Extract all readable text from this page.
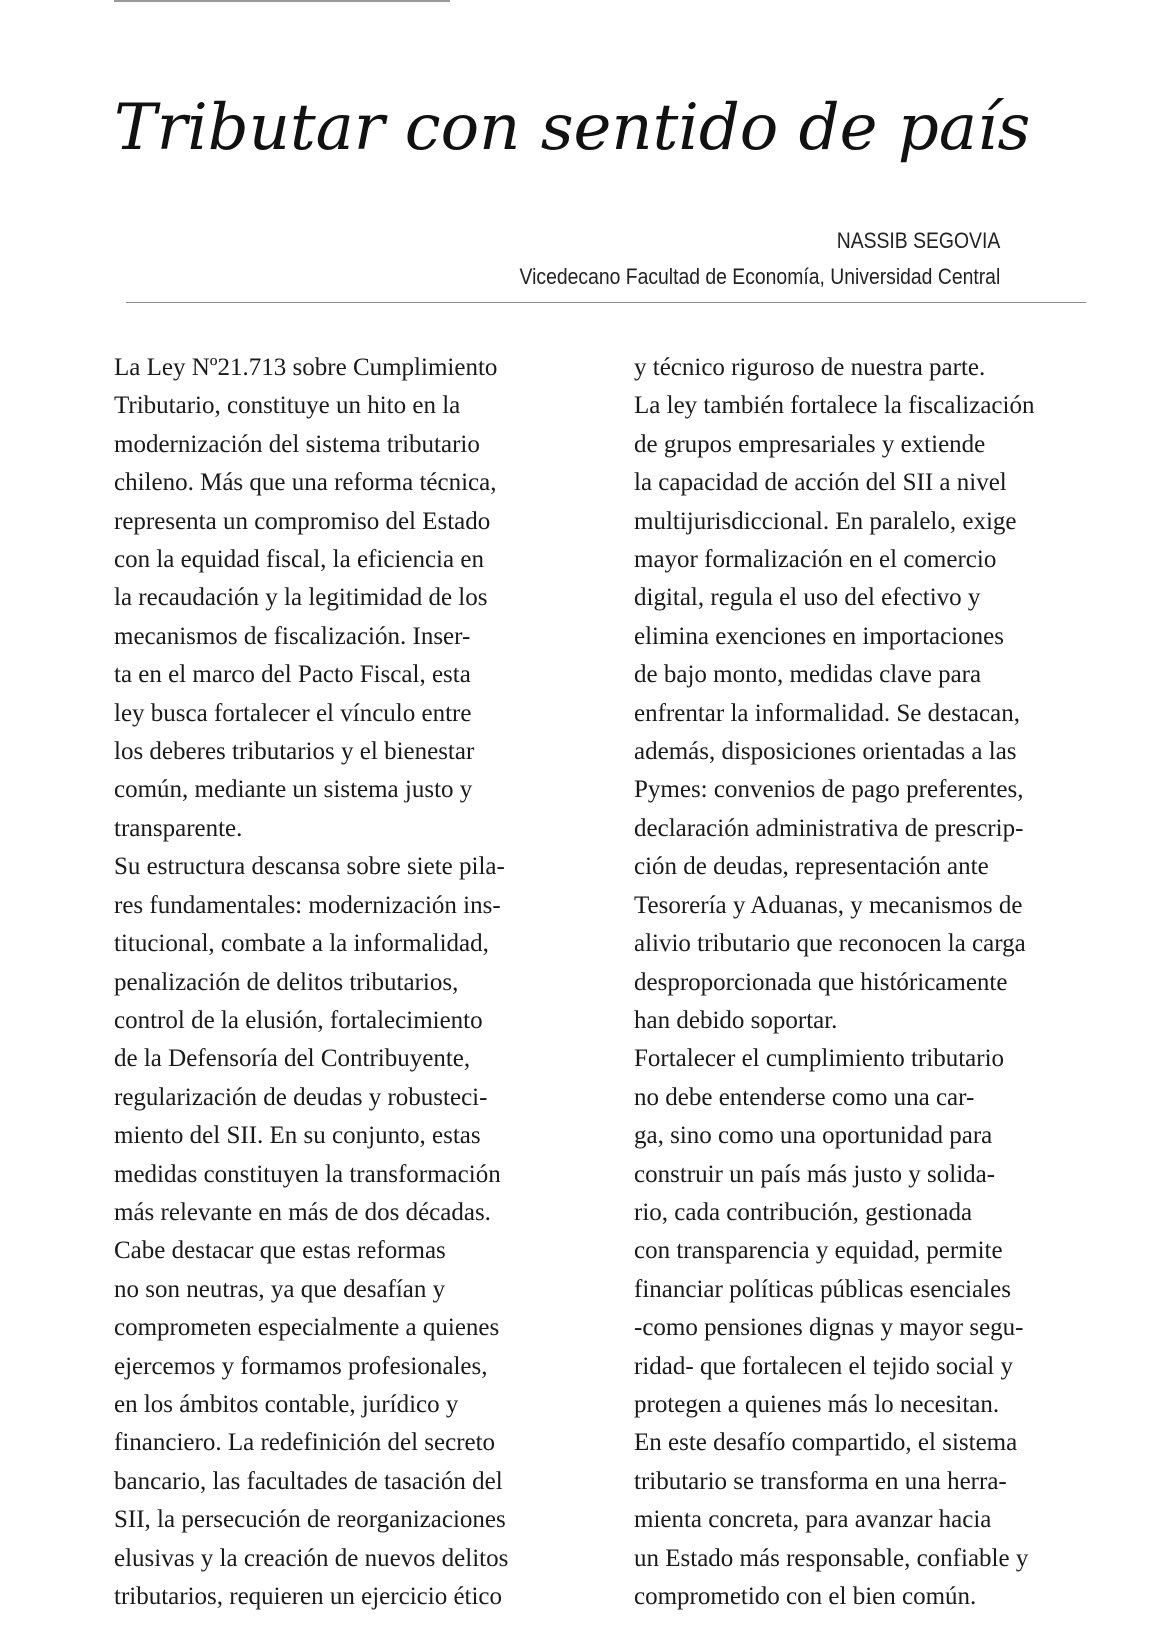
Tributar con sentido de país
NASSIB SEGOVIA
Vicedecano Facultad de Economía, Universidad Central
La Ley Nº21.713 sobre Cumplimiento
Tributario, constituye un hito en la
modernización del sistema tributario
chileno. Más que una reforma técnica,
representa un compromiso del Estado
con la equidad fiscal, la eficiencia en
la recaudación y la legitimidad de los
mecanismos de fiscalización. Inser-
ta en el marco del Pacto Fiscal, esta
ley busca fortalecer el vínculo entre
los deberes tributarios y el bienestar
común, mediante un sistema justo y
transparente.
Su estructura descansa sobre siete pila-
res fundamentales: modernización ins-
titucional, combate a la informalidad,
penalización de delitos tributarios,
control de la elusión, fortalecimiento
de la Defensoría del Contribuyente,
regularización de deudas y robusteci-
miento del SII. En su conjunto, estas
medidas constituyen la transformación
más relevante en más de dos décadas.
Cabe destacar que estas reformas
no son neutras, ya que desafían y
comprometen especialmente a quienes
ejercemos y formamos profesionales,
en los ámbitos contable, jurídico y
financiero. La redefinición del secreto
bancario, las facultades de tasación del
SII, la persecución de reorganizaciones
elusivas y la creación de nuevos delitos
tributarios, requieren un ejercicio ético
y técnico riguroso de nuestra parte.
La ley también fortalece la fiscalización
de grupos empresariales y extiende
la capacidad de acción del SII a nivel
multijurisdiccional. En paralelo, exige
mayor formalización en el comercio
digital, regula el uso del efectivo y
elimina exenciones en importaciones
de bajo monto, medidas clave para
enfrentar la informalidad. Se destacan,
además, disposiciones orientadas a las
Pymes: convenios de pago preferentes,
declaración administrativa de prescrip-
ción de deudas, representación ante
Tesorería y Aduanas, y mecanismos de
alivio tributario que reconocen la carga
desproporcionada que históricamente
han debido soportar.
Fortalecer el cumplimiento tributario
no debe entenderse como una car-
ga, sino como una oportunidad para
construir un país más justo y solida-
rio, cada contribución, gestionada
con transparencia y equidad, permite
financiar políticas públicas esenciales
-como pensiones dignas y mayor segu-
ridad- que fortalecen el tejido social y
protegen a quienes más lo necesitan.
En este desafío compartido, el sistema
tributario se transforma en una herra-
mienta concreta, para avanzar hacia
un Estado más responsable, confiable y
comprometido con el bien común.
